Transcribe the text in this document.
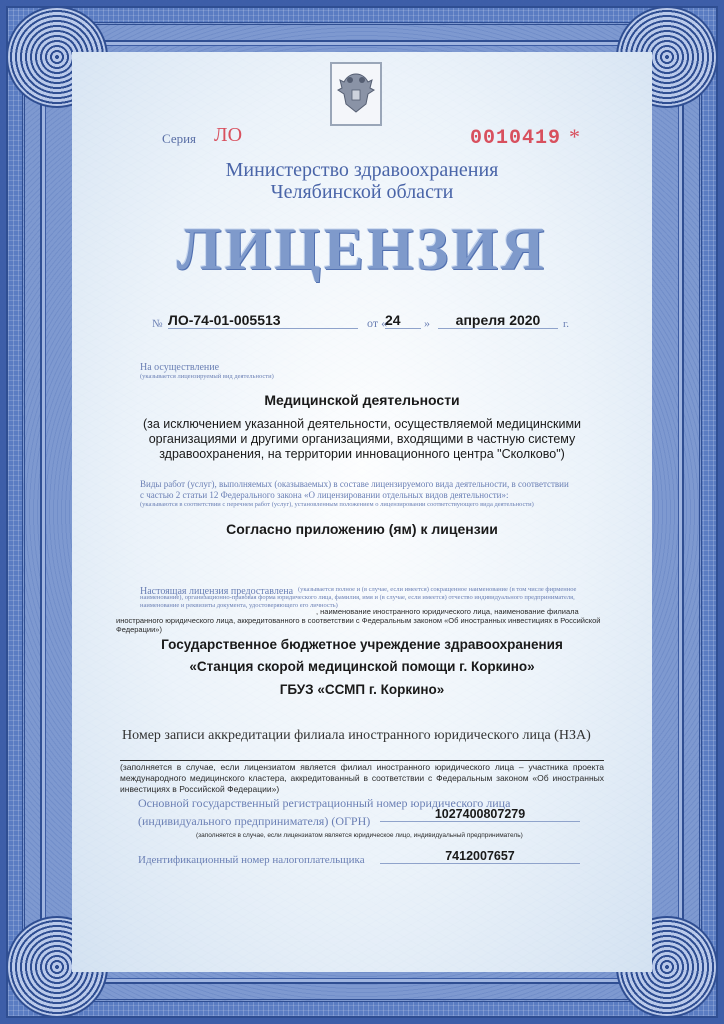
Серия ЛО	0010419 *
Министерство здравоохранения
Челябинской области
ЛИЦЕНЗИЯ
№ ЛО-74-01-005513	от «
24	»	апреля 2020	г.
На осуществление
(указывается лицензируемый вид деятельности)
Медицинской деятельности
(за исключением указанной деятельности, осуществляемой медицинскими организациями и другими организациями, входящими в частную систему здравоохранения, на территории инновационного центра "Сколково")
Виды работ (услуг), выполняемых (оказываемых) в составе лицензируемого вида деятельности, в соответствии
с частью 2 статьи 12 Федерального закона «О лицензировании отдельных видов деятельности»:
(указываются в соответствии с перечнем работ (услуг), установленным положением о лицензировании соответствующего вида деятельности)
Согласно приложению (ям) к лицензии
Настоящая лицензия предоставлена (указывается полное и (в случае, если имеется) сокращенное наименование (в том числе фирменное наименование), организационно-правовая форма юридического лица, фамилия, имя и (в случае, если имеется) отчество индивидуального предпринимателя, наименование и реквизиты документа, удостоверяющего его личность)
, наименование иностранного юридического лица, наименование филиала иностранного юридического лица, аккредитованного в соответствии с Федеральным законом «Об иностранных инвестициях в Российской Федерации»)
Государственное бюджетное учреждение здравоохранения
«Станция скорой медицинской помощи г. Коркино»
ГБУЗ «ССМП г. Коркино»
Номер записи аккредитации филиала иностранного юридического лица (НЗА)
(заполняется в случае, если лицензиатом является филиал иностранного юридического лица – участника проекта международного медицинского кластера, аккредитованный в соответствии с Федеральным законом «Об иностранных инвестициях в Российской Федерации»)
Основной государственный регистрационный номер юридического лица
(индивидуального предпринимателя) (ОГРН)	1027400807279
(заполняется в случае, если лицензиатом является юридическое лицо, индивидуальный предприниматель)
Идентификационный номер налогоплательщика	7412007657
